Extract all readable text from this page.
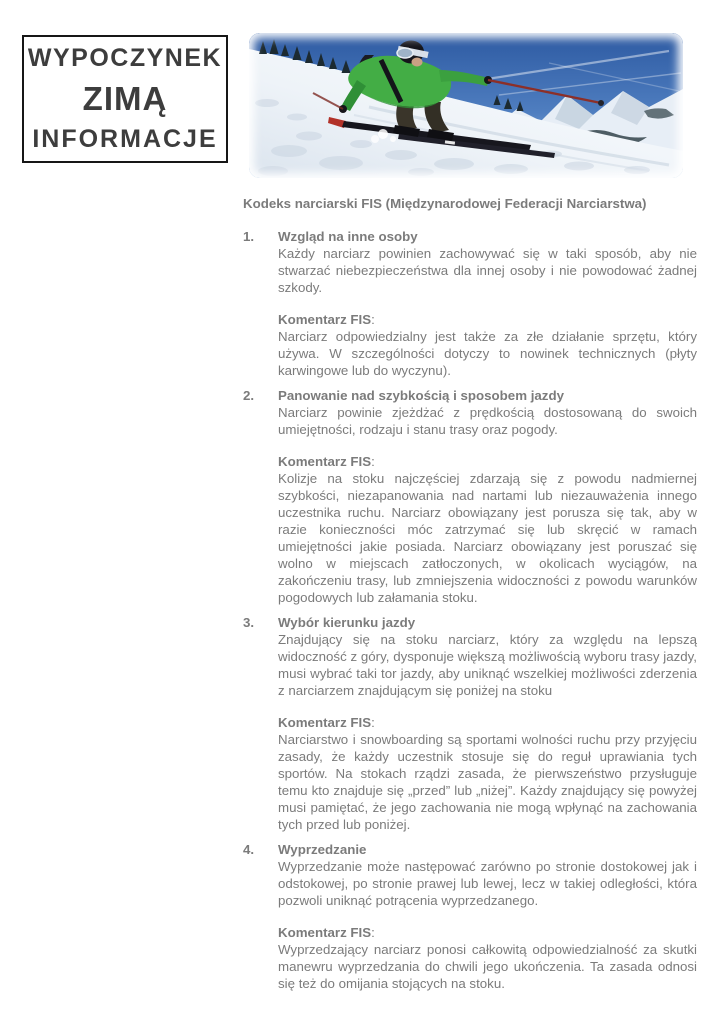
WYPOCZYNEK
ZIMĄ
INFORMACJE
Kodeks narciarski FIS (Międzynarodowej Federacji Narciarstwa)
1.	Wzgląd na inne osoby

Każdy narciarz powinien zachowywać się w taki sposób, aby nie stwarzać niebezpieczeństwa dla innej osoby i nie powodować żadnej szkody.

Komentarz FIS:

Narciarz odpowiedzialny jest także za złe działanie sprzętu, który używa. W szczególności dotyczy to nowinek technicznych (płyty karwingowe lub do wyczynu).

2.	Panowanie nad szybkością i sposobem jazdy

Narciarz powinie zjeżdżać z prędkością dostosowaną do swoich umiejętności, rodzaju i stanu trasy oraz pogody.

Komentarz FIS:

Kolizje na stoku najczęściej zdarzają się z powodu nadmiernej szybkości, niezapanowania nad nartami lub niezauważenia innego uczestnika ruchu. Narciarz obowiązany jest porusza się tak, aby w razie konieczności móc zatrzymać się lub skręcić w ramach umiejętności jakie posiada. Narciarz obowiązany jest poruszać się wolno w miejscach zatłoczonych, w okolicach wyciągów, na zakończeniu trasy, lub zmniejszenia widoczności z powodu warunków pogodowych lub załamania stoku.

3.	Wybór kierunku jazdy

Znajdujący się na stoku narciarz, który za względu na lepszą widoczność z góry, dysponuje większą możliwością wyboru trasy jazdy, musi wybrać taki tor jazdy, aby uniknąć wszelkiej możliwości zderzenia z narciarzem znajdującym się poniżej na stoku

Komentarz FIS:

Narciarstwo i snowboarding są sportami wolności ruchu przy przyjęciu zasady, że każdy uczestnik stosuje się do reguł uprawiania tych sportów. Na stokach rządzi zasada, że pierwszeństwo przysługuje temu kto znajduje się „przed” lub „niżej”. Każdy znajdujący się powyżej musi pamiętać, że jego zachowania nie mogą wpłynąć na zachowania tych przed lub poniżej.

4.	Wyprzedzanie

Wyprzedzanie może następować zarówno po stronie dostokowej jak i odstokowej, po stronie prawej lub lewej, lecz w takiej odległości, która pozwoli uniknąć potrącenia wyprzedzanego.

Komentarz FIS:

Wyprzedzający narciarz ponosi całkowitą odpowiedzialność za skutki manewru wyprzedzania do chwili jego ukończenia. Ta zasada odnosi się też do omijania stojących na stoku.
